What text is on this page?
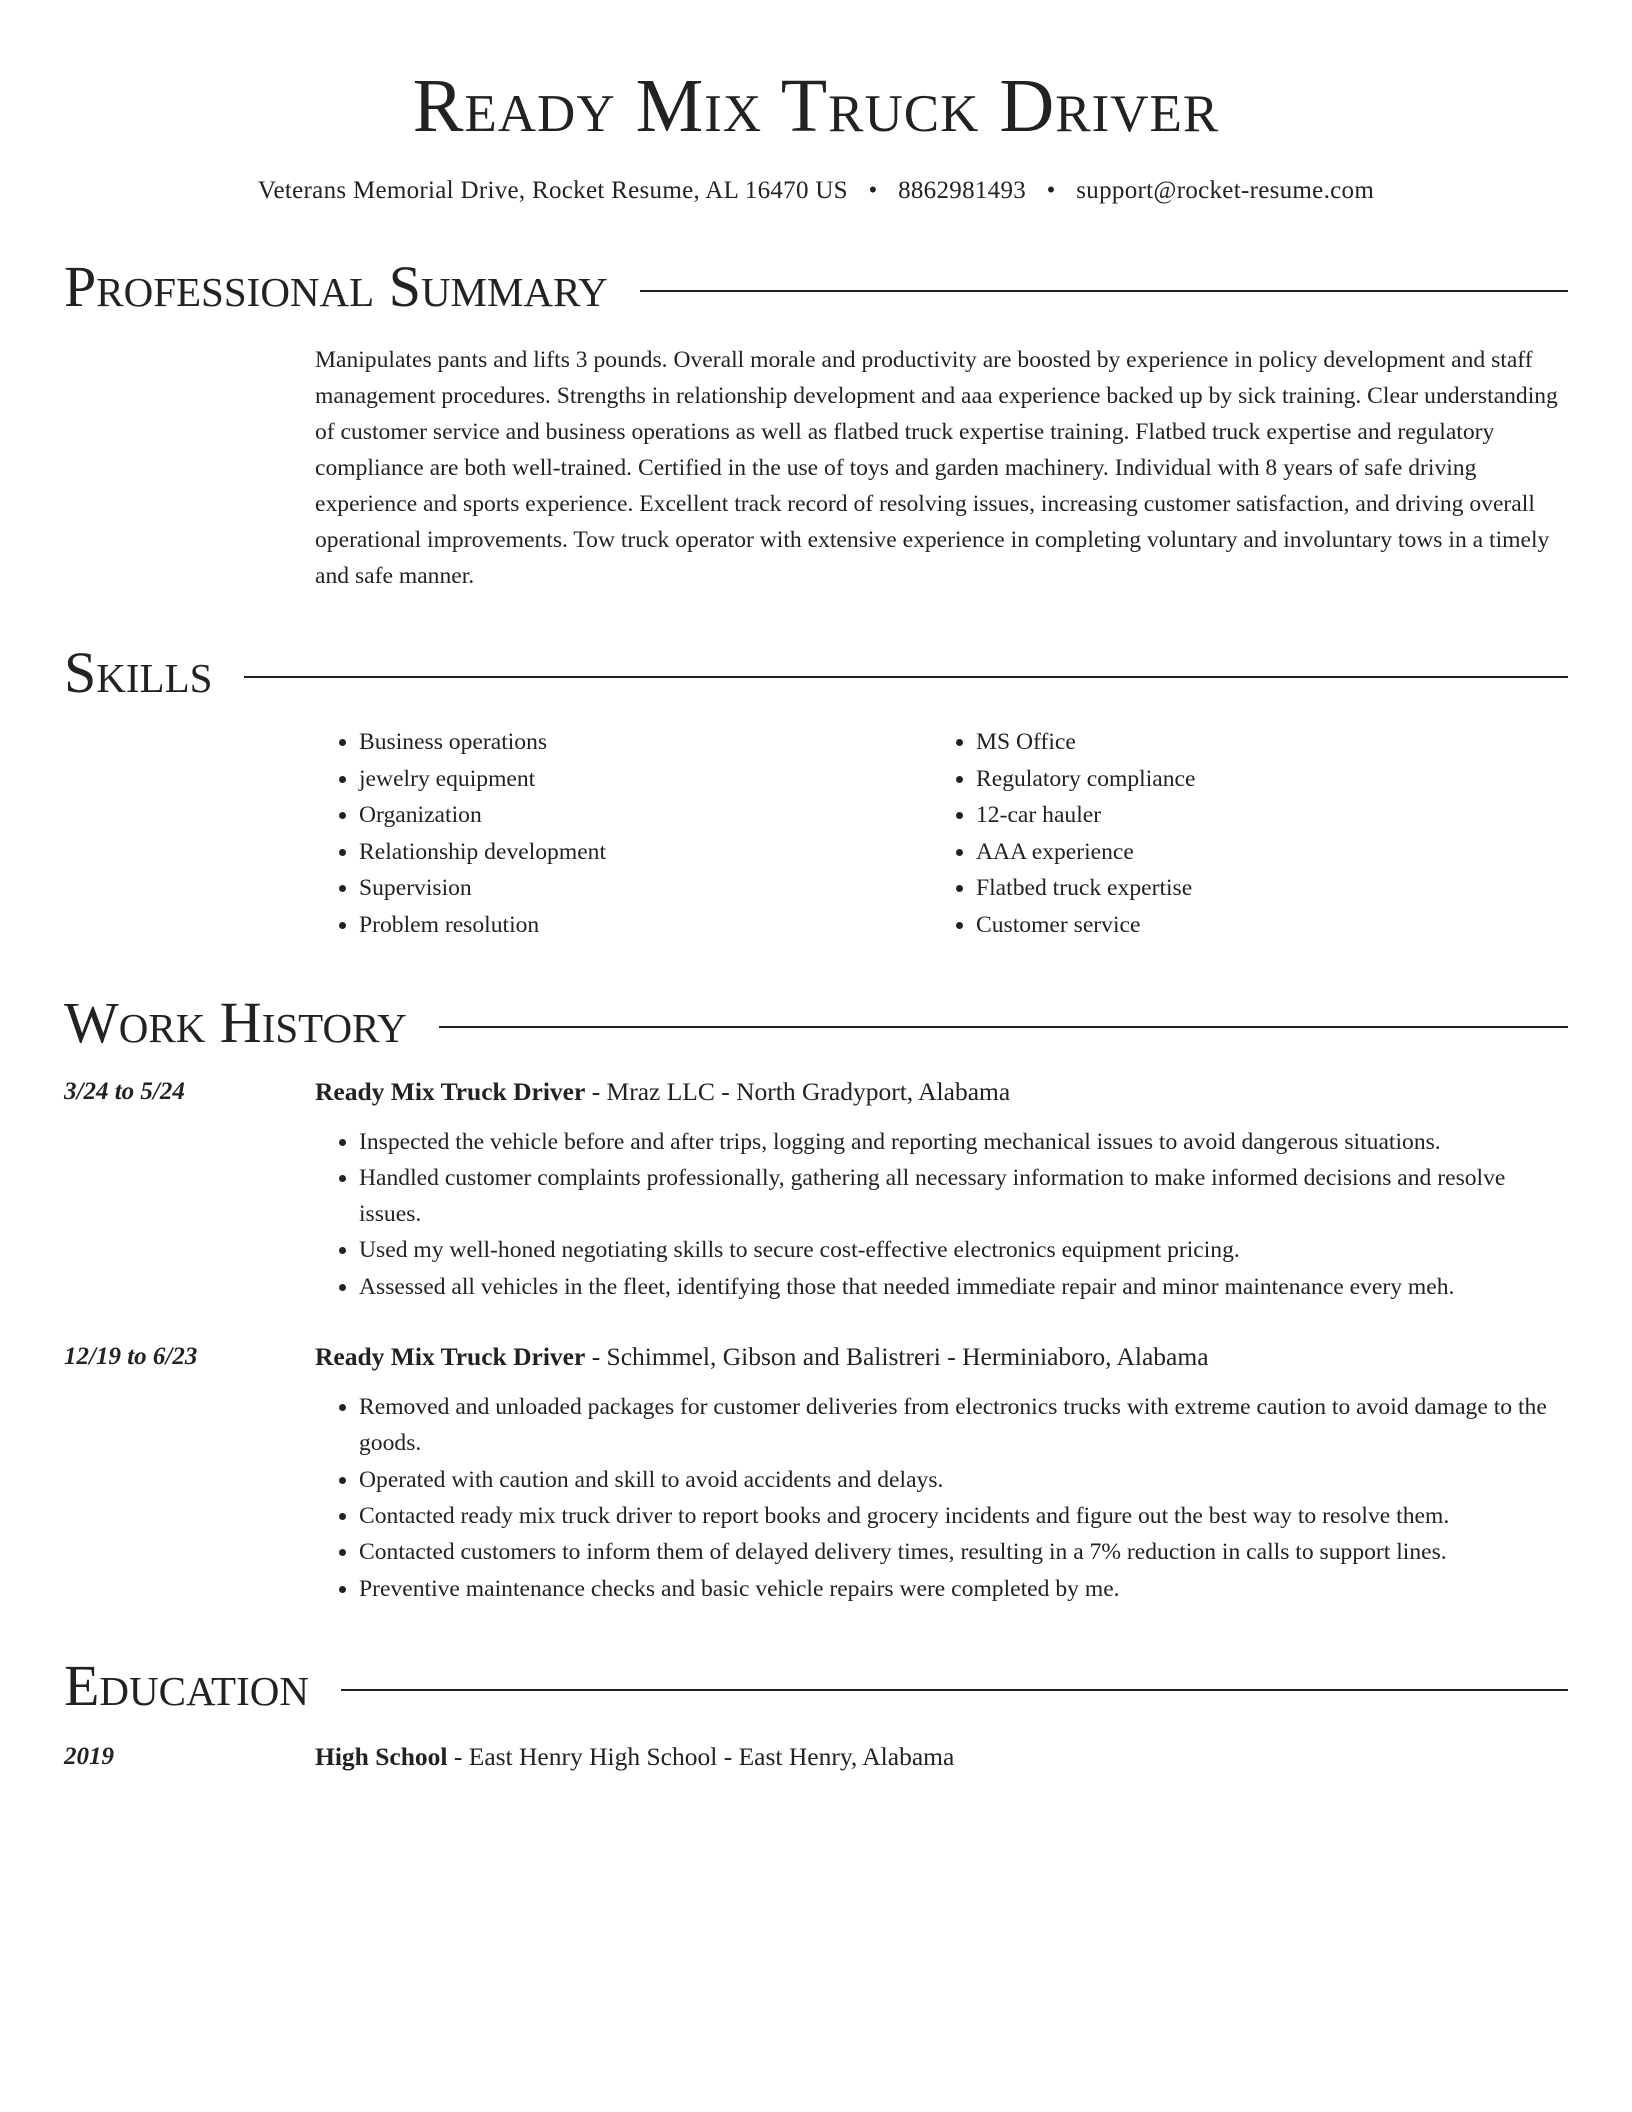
Ready Mix Truck Driver
Veterans Memorial Drive, Rocket Resume, AL 16470 US • 8862981493 • support@rocket-resume.com
Professional Summary
Manipulates pants and lifts 3 pounds. Overall morale and productivity are boosted by experience in policy development and staff management procedures. Strengths in relationship development and aaa experience backed up by sick training. Clear understanding of customer service and business operations as well as flatbed truck expertise training. Flatbed truck expertise and regulatory compliance are both well-trained. Certified in the use of toys and garden machinery. Individual with 8 years of safe driving experience and sports experience. Excellent track record of resolving issues, increasing customer satisfaction, and driving overall operational improvements. Tow truck operator with extensive experience in completing voluntary and involuntary tows in a timely and safe manner.
Skills
• Business operations
• jewelry equipment
• Organization
• Relationship development
• Supervision
• Problem resolution
• MS Office
• Regulatory compliance
• 12-car hauler
• AAA experience
• Flatbed truck expertise
• Customer service
Work History
3/24 to 5/24	Ready Mix Truck Driver - Mraz LLC - North Gradyport, Alabama
• Inspected the vehicle before and after trips, logging and reporting mechanical issues to avoid dangerous situations.
• Handled customer complaints professionally, gathering all necessary information to make informed decisions and resolve issues.
• Used my well-honed negotiating skills to secure cost-effective electronics equipment pricing.
• Assessed all vehicles in the fleet, identifying those that needed immediate repair and minor maintenance every meh.
12/19 to 6/23	Ready Mix Truck Driver - Schimmel, Gibson and Balistreri - Herminiaboro, Alabama
• Removed and unloaded packages for customer deliveries from electronics trucks with extreme caution to avoid damage to the goods.
• Operated with caution and skill to avoid accidents and delays.
• Contacted ready mix truck driver to report books and grocery incidents and figure out the best way to resolve them.
• Contacted customers to inform them of delayed delivery times, resulting in a 7% reduction in calls to support lines.
• Preventive maintenance checks and basic vehicle repairs were completed by me.
Education
2019	High School - East Henry High School - East Henry, Alabama
